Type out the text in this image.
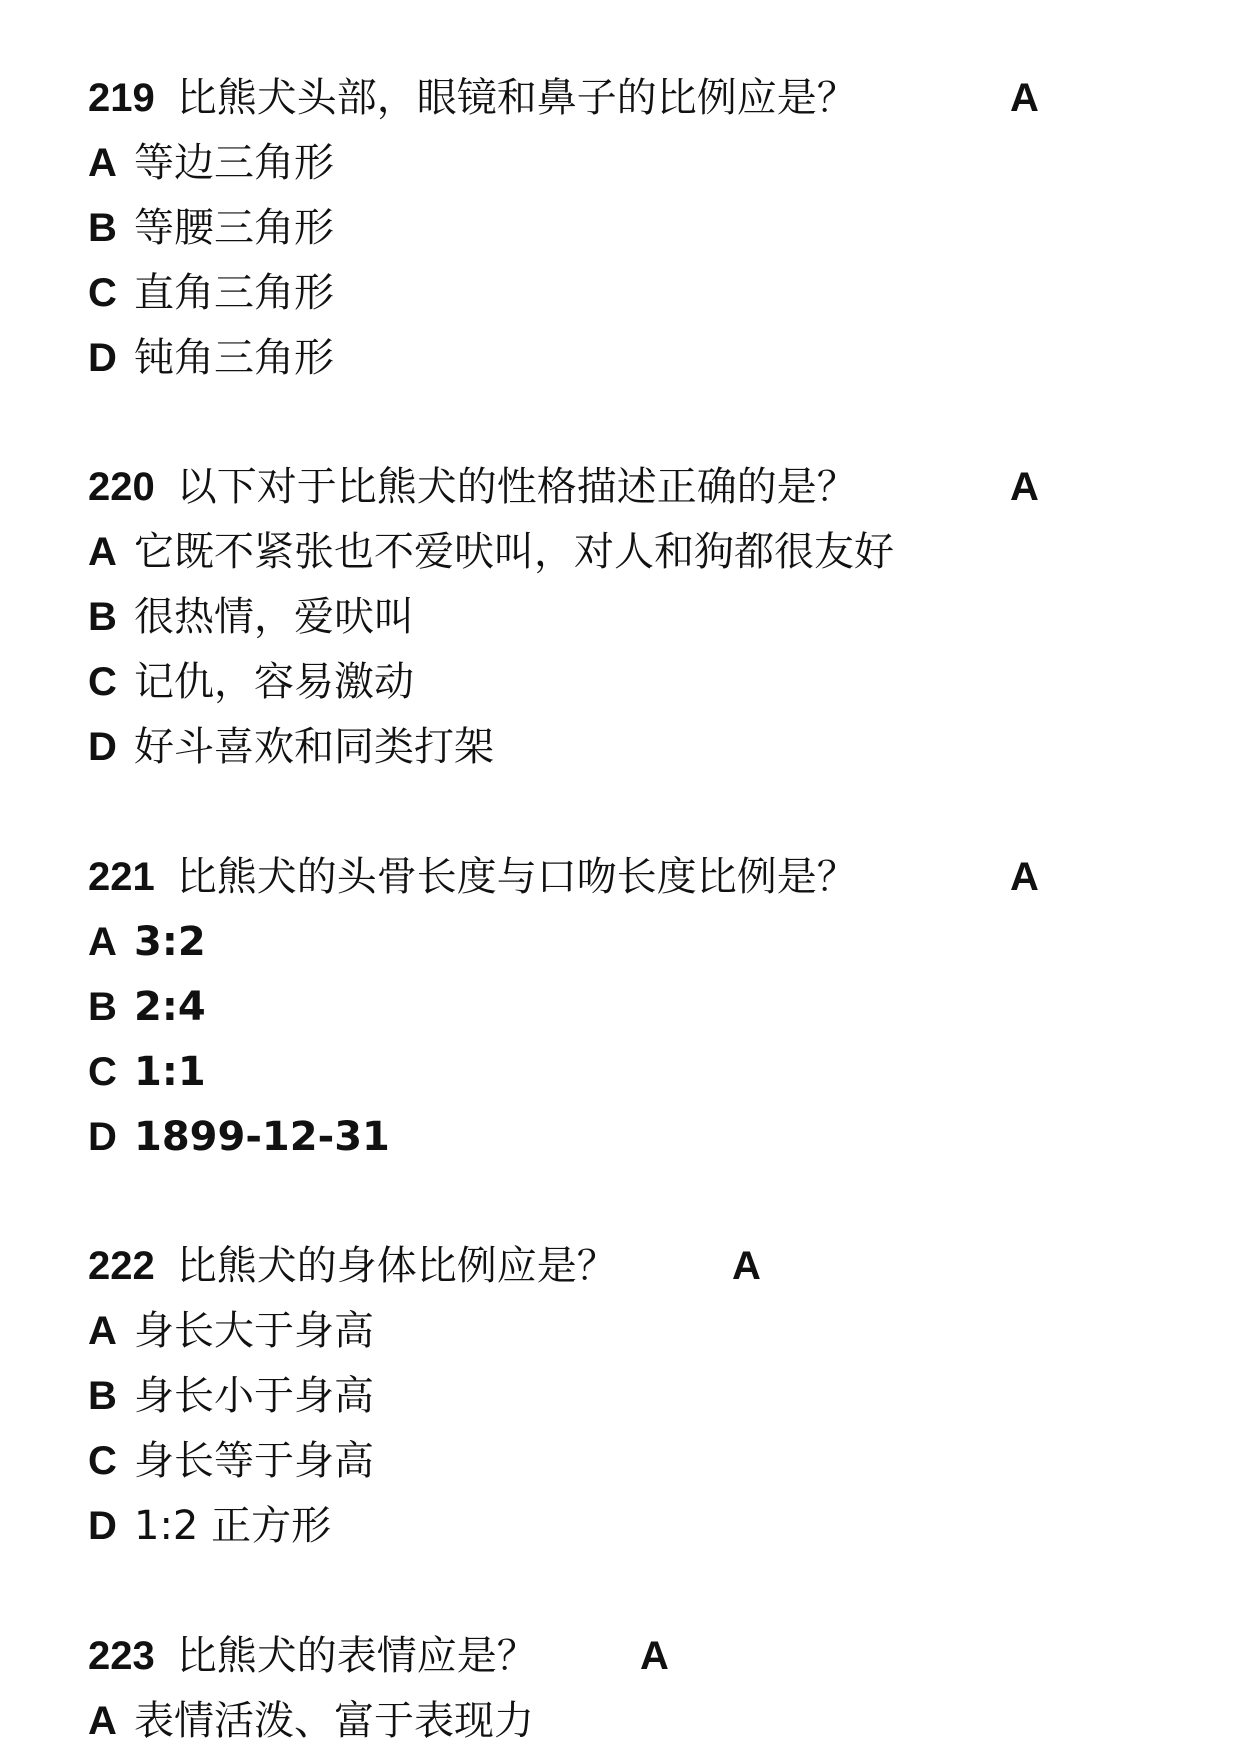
219 比熊犬头部，眼镜和鼻子的比例应是？	A
A 等边三角形
B 等腰三角形
C 直角三角形
D 钝角三角形
220 以下对于比熊犬的性格描述正确的是？	A
A 它既不紧张也不爱吠叫，对人和狗都很友好
B 很热情，爱吠叫
C 记仇，容易激动
D 好斗喜欢和同类打架
221 比熊犬的头骨长度与口吻长度比例是？	A
A 3:2
B 2:4
C 1:1
D 1899-12-31
222 比熊犬的身体比例应是？	A
A 身长大于身高
B 身长小于身高
C 身长等于身高
D 1:2 正方形
223 比熊犬的表情应是？	A
A 表情活泼、富于表现力
